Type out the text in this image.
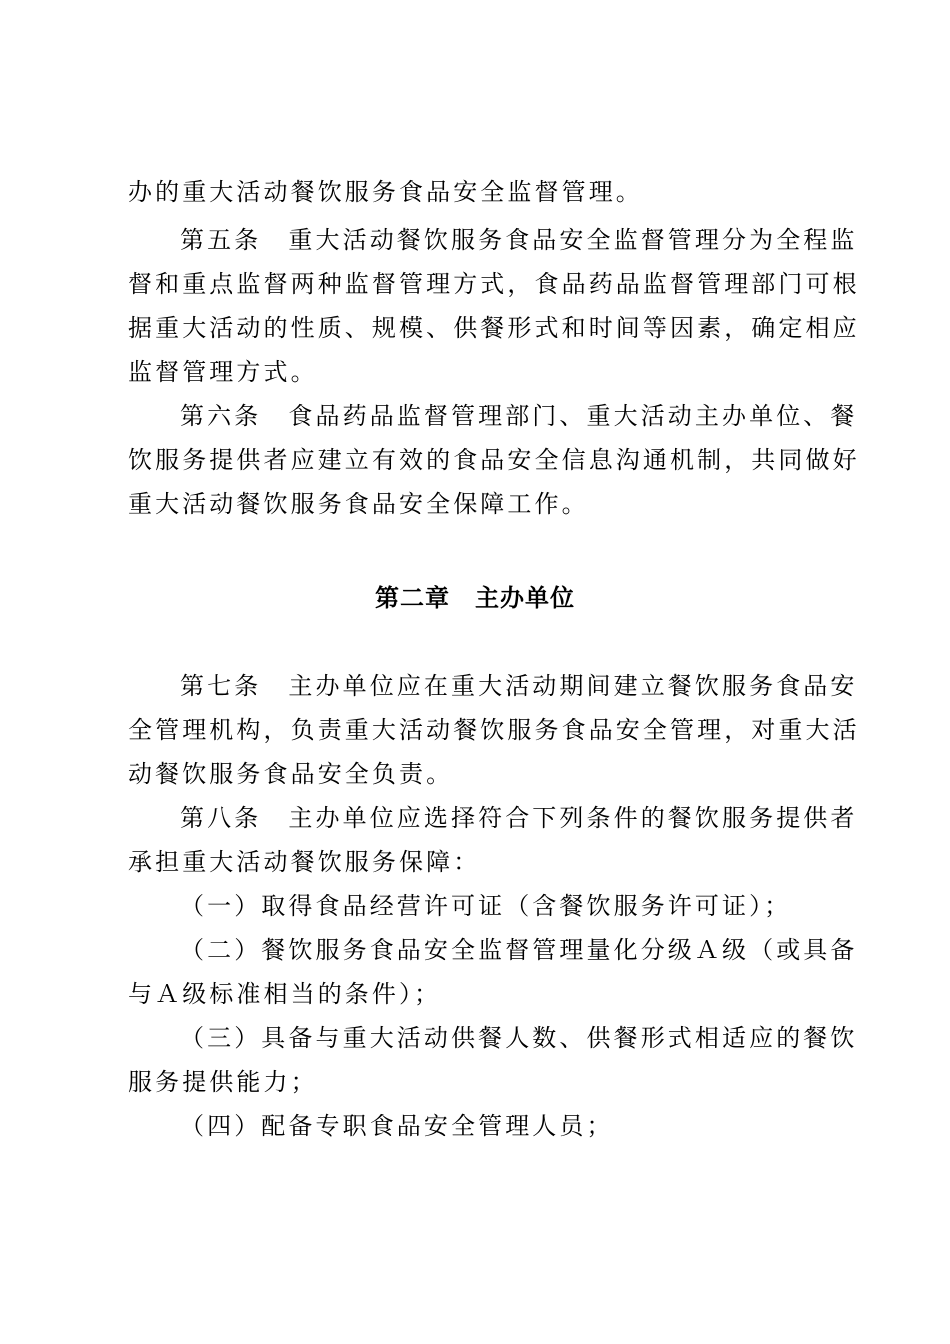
办的重大活动餐饮服务食品安全监督管理。

第五条　重大活动餐饮服务食品安全监督管理分为全程监

督和重点监督两种监督管理方式，食品药品监督管理部门可根

据重大活动的性质、规模、供餐形式和时间等因素，确定相应

监督管理方式。

第六条　食品药品监督管理部门、重大活动主办单位、餐

饮服务提供者应建立有效的食品安全信息沟通机制，共同做好

重大活动餐饮服务食品安全保障工作。

第二章　主办单位

第七条　主办单位应在重大活动期间建立餐饮服务食品安

全管理机构，负责重大活动餐饮服务食品安全管理，对重大活

动餐饮服务食品安全负责。

第八条　主办单位应选择符合下列条件的餐饮服务提供者

承担重大活动餐饮服务保障：

（一）取得食品经营许可证（含餐饮服务许可证）；

（二）餐饮服务食品安全监督管理量化分级Ａ级（或具备

与Ａ级标准相当的条件）；

（三）具备与重大活动供餐人数、供餐形式相适应的餐饮

服务提供能力；

（四）配备专职食品安全管理人员；
